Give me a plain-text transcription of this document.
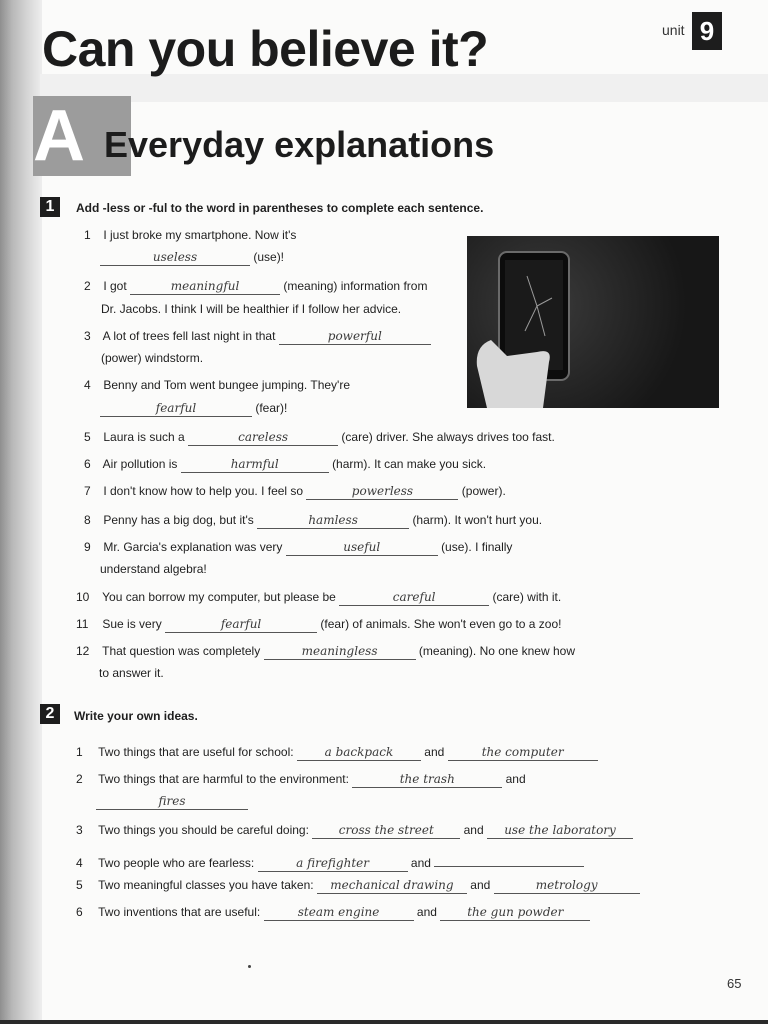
unit 9
Can you believe it?
A Everyday explanations
1	Add -less or -ful to the word in parentheses to complete each sentence.
1 I just broke my smartphone. Now it's
useless	(use)!
2 I got	meaningful	(meaning) information from
Dr. Jacobs. I think I will be healthier if I follow her advice.
3 A lot of trees fell last night in that	powerful
(power) windstorm.
4 Benny and Tom went bungee jumping. They're
fearful	(fear)!
5 Laura is such a	careless	(care) driver. She always drives too fast.
6 Air pollution is	harmful	(harm). It can make you sick.
7 I don't know how to help you. I feel so	powerless	(power).
8 Penny has a big dog, but it's	hamless	(harm). It won't hurt you.
9 Mr. Garcia's explanation was very	useful	(use). I finally
understand algebra!
10 You can borrow my computer, but please be	careful	(care) with it.
11 Sue is very	fearful	(fear) of animals. She won't even go to a zoo!
12 That question was completely	meaningless	(meaning). No one knew how
to answer it.
2	Write your own ideas.
1 Two things that are useful for school:	a backpack	and	the computer
2 Two things that are harmful to the environment:	the trash	and
fires
3 Two things you should be careful doing: cross the street and use the laboratory
4 Two people who are fearless:	a firefighter	and
5 Two meaningful classes you have taken: mechanical drawing and	metrology
6 Two inventions that are useful:	steam engine	and	the gun powder
65
